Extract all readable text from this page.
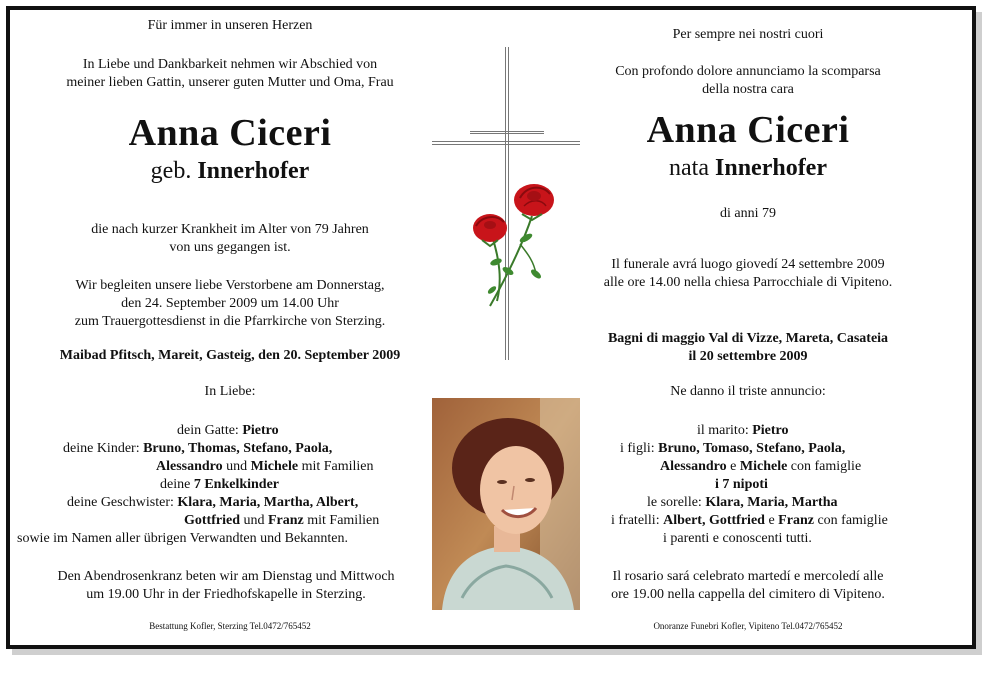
Für immer in unseren Herzen
In Liebe und Dankbarkeit nehmen wir Abschied von
meiner lieben Gattin, unserer guten Mutter und Oma, Frau
Anna Ciceri
geb. Innerhofer
die nach kurzer Krankheit im Alter von 79 Jahren
von uns gegangen ist.
Wir begleiten unsere liebe Verstorbene am Donnerstag,
den 24. September 2009 um 14.00 Uhr
zum Trauergottesdienst in die Pfarrkirche von Sterzing.
Maibad Pfitsch, Mareit, Gasteig, den 20. September 2009
In Liebe:
dein Gatte: Pietro
deine Kinder: Bruno, Thomas, Stefano, Paola,
Alessandro und Michele mit Familien
deine 7 Enkelkinder
deine Geschwister: Klara, Maria, Martha, Albert,
Gottfried und Franz mit Familien
sowie im Namen aller übrigen Verwandten und Bekannten.
Den Abendrosenkranz beten wir am Dienstag und Mittwoch
um 19.00 Uhr in der Friedhofskapelle in Sterzing.
Bestattung Kofler, Sterzing Tel.0472/765452
Per sempre nei nostri cuori
Con profondo dolore annunciamo la scomparsa
della nostra cara
Anna Ciceri
nata Innerhofer
di anni 79
Il funerale avrá luogo giovedí 24 settembre 2009
alle ore 14.00 nella chiesa Parrocchiale di Vipiteno.
Bagni di maggio Val di Vizze, Mareta, Casateia
il 20 settembre 2009
Ne danno il triste annuncio:
il marito: Pietro
i figli: Bruno, Tomaso, Stefano, Paola,
Alessandro e Michele con famiglie
i 7 nipoti
le sorelle: Klara, Maria, Martha
i fratelli: Albert, Gottfried e Franz con famiglie
i parenti e conoscenti tutti.
Il rosario sará celebrato martedí e mercoledí alle
ore 19.00 nella cappella del cimitero di Vipiteno.
Onoranze Funebri Kofler, Vipiteno Tel.0472/765452
